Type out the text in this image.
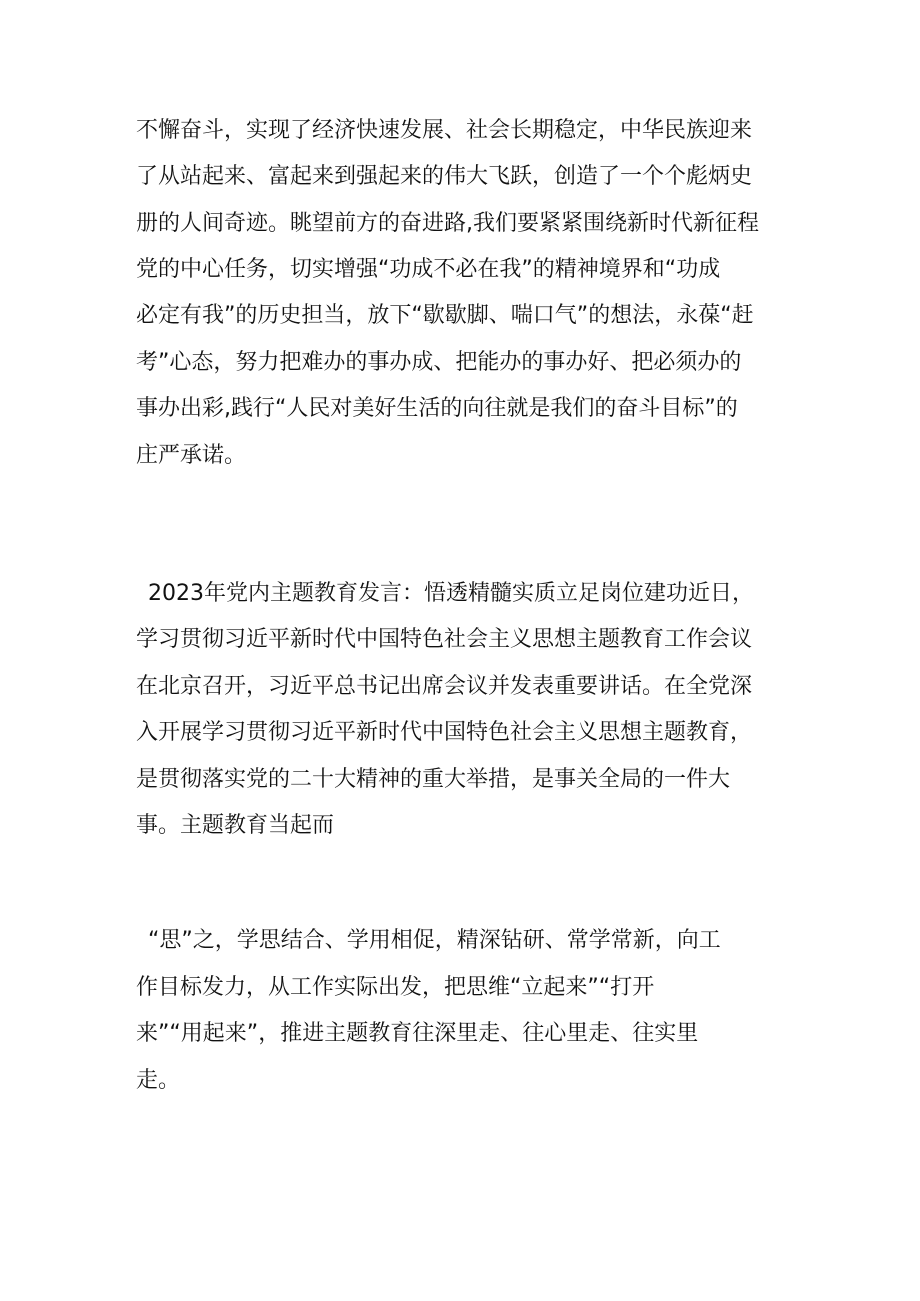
不懈奋斗，实现了经济快速发展、社会长期稳定，中华民族迎来

了从站起来、富起来到强起来的伟大飞跃，创造了一个个彪炳史

册的人间奇迹。眺望前方的奋进路,我们要紧紧围绕新时代新征程

党的中心任务，切实增强“功成不必在我”的精神境界和“功成

必定有我”的历史担当，放下“歇歇脚、喘口气”的想法，永葆“赶

考”心态，努力把难办的事办成、把能办的事办好、把必须办的

事办出彩,践行“人民对美好生活的向往就是我们的奋斗目标”的

庄严承诺。

2023年党内主题教育发言：悟透精髓实质立足岗位建功近日，

学习贯彻习近平新时代中国特色社会主义思想主题教育工作会议

在北京召开，习近平总书记出席会议并发表重要讲话。在全党深

入开展学习贯彻习近平新时代中国特色社会主义思想主题教育，

是贯彻落实党的二十大精神的重大举措，是事关全局的一件大

事。主题教育当起而

“思”之，学思结合、学用相促，精深钻研、常学常新，向工

作目标发力，从工作实际出发，把思维“立起来”“打开

来”“用起来”，推进主题教育往深里走、往心里走、往实里

走。
